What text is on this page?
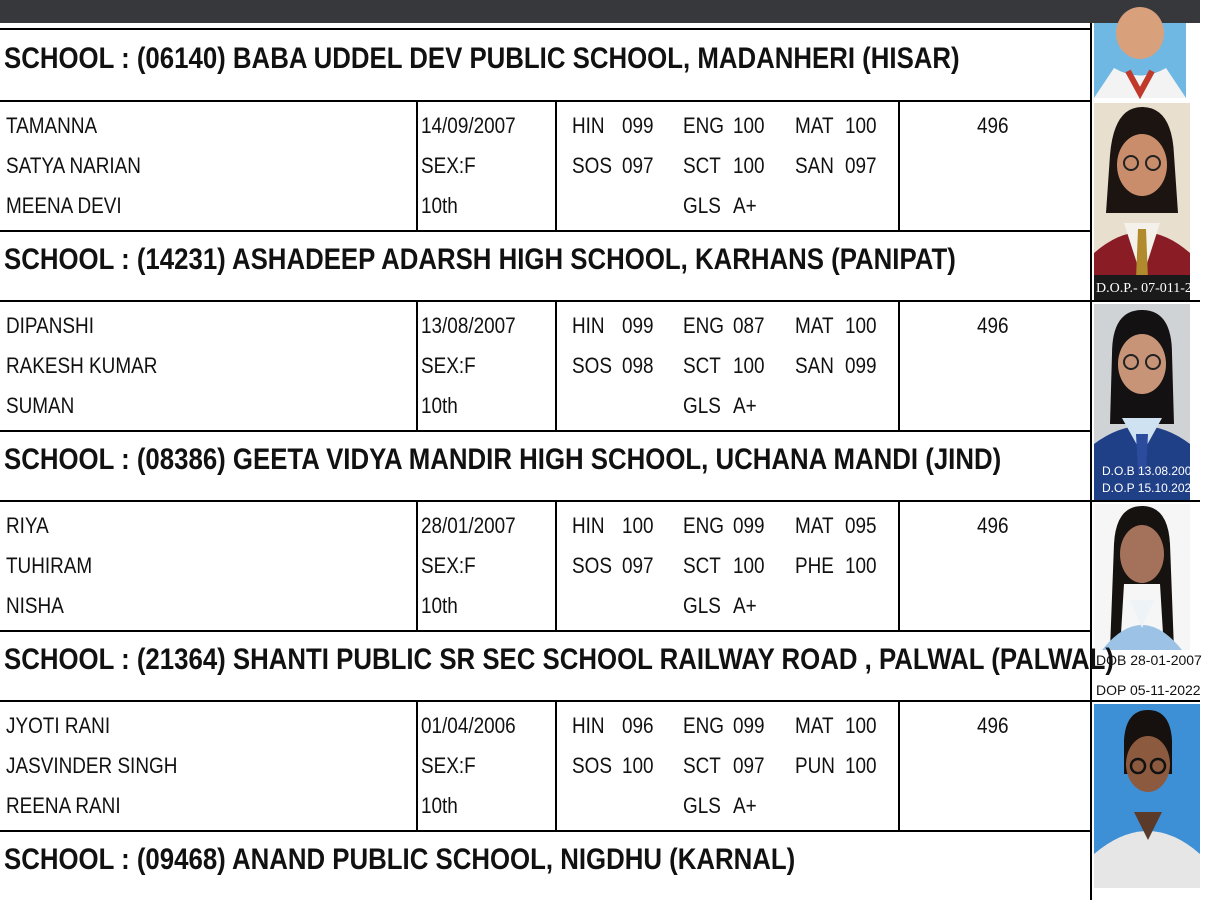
SCHOOL : (06140) BABA UDDEL DEV PUBLIC SCHOOL, MADANHERI (HISAR)
TAMANNA
SATYA NARIAN
MEENA DEVI
14/09/2007
SEX:F
10th
HIN 099 ENG 100 MAT 100
SOS 097 SCT 100 SAN 097
GLS A+
496
D.O.P.- 07-011-2022
SCHOOL : (14231) ASHADEEP ADARSH HIGH SCHOOL, KARHANS (PANIPAT)
DIPANSHI
RAKESH KUMAR
SUMAN
13/08/2007
SEX:F
10th
HIN 099 ENG 087 MAT 100
SOS 098 SCT 100 SAN 099
GLS A+
496
D.O.B 13.08.2007
D.O.P 15.10.2022
SCHOOL : (08386) GEETA VIDYA MANDIR HIGH SCHOOL, UCHANA MANDI (JIND)
RIYA
TUHIRAM
NISHA
28/01/2007
SEX:F
10th
HIN 100 ENG 099 MAT 095
SOS 097 SCT 100 PHE 100
GLS A+
496
DOB 28-01-2007
DOP 05-11-2022
SCHOOL : (21364) SHANTI PUBLIC SR SEC SCHOOL RAILWAY ROAD , PALWAL (PALWAL)
JYOTI RANI
JASVINDER SINGH
REENA RANI
01/04/2006
SEX:F
10th
HIN 096 ENG 099 MAT 100
SOS 100 SCT 097 PUN 100
GLS A+
496
SCHOOL : (09468) ANAND PUBLIC SCHOOL, NIGDHU (KARNAL)
